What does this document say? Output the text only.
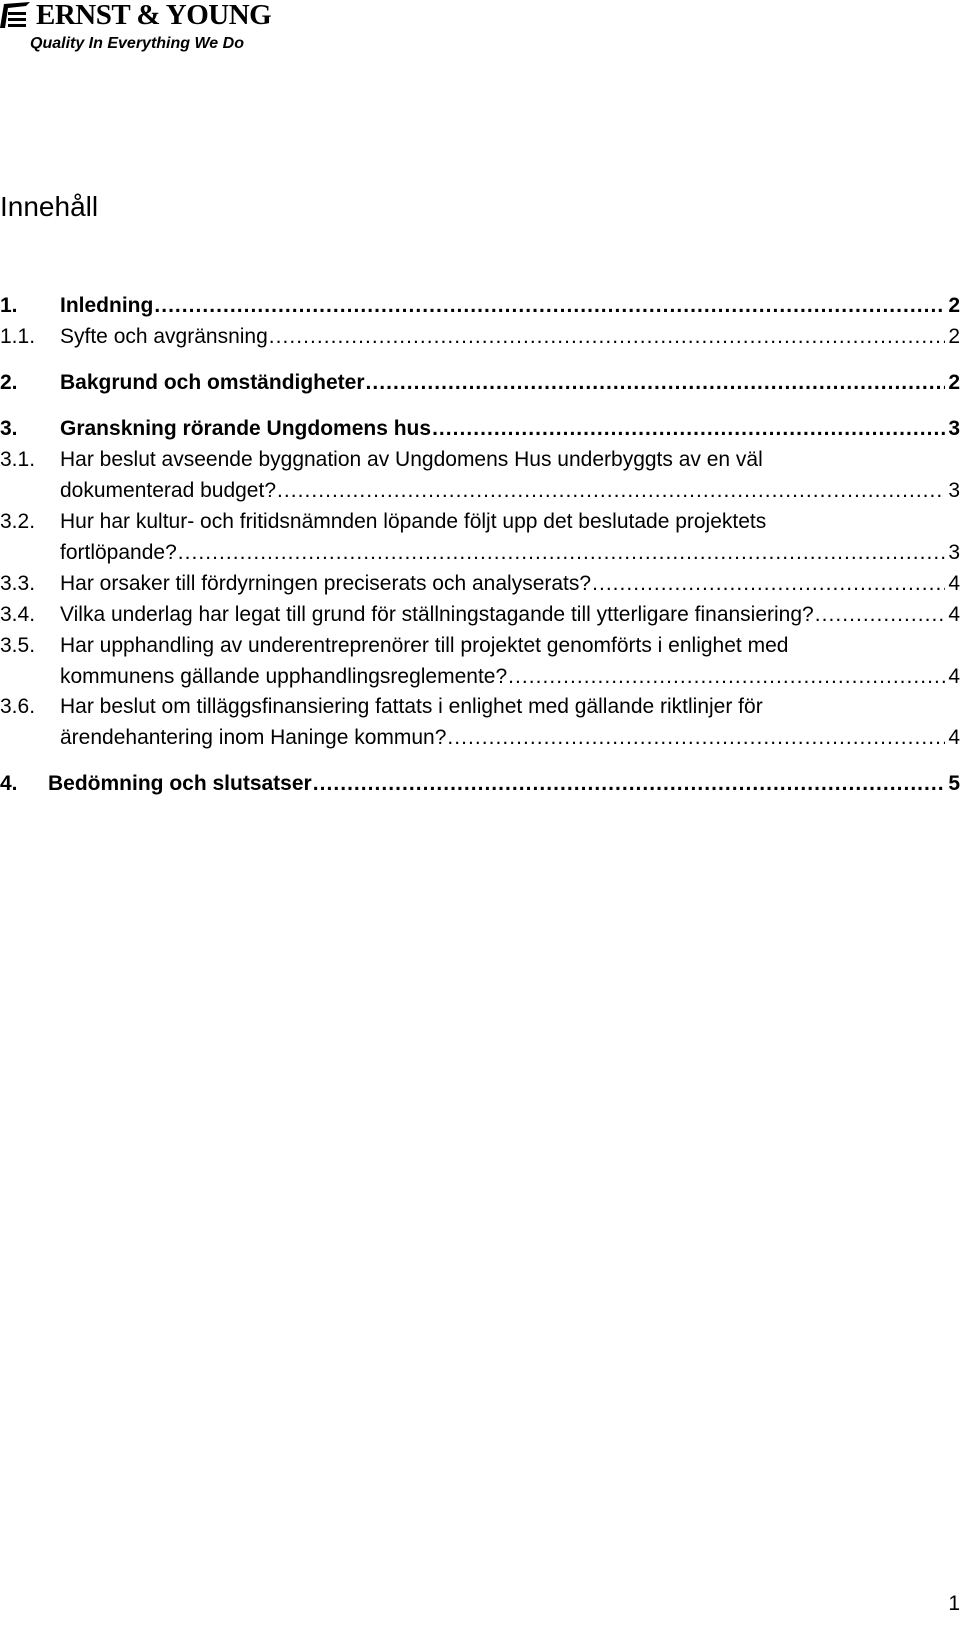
ERNST & YOUNG
Quality In Everything We Do
Innehåll
1. Inledning . . .	2
1.1. Syfte och avgränsning . . .	2
2. Bakgrund och omständigheter . . .	2
3. Granskning rörande Ungdomens hus . . .	3
3.1. Har beslut avseende byggnation av Ungdomens Hus underbyggts av en väl
dokumenterad budget? . . .	3
3.2. Hur har kultur- och fritidsnämnden löpande följt upp det beslutade projektets
fortlöpande? . . .	3
3.3. Har orsaker till fördyrningen preciserats och analyserats? . . .	4
3.4. Vilka underlag har legat till grund för ställningstagande till ytterligare finansiering? . . .	4
3.5. Har upphandling av underentreprenörer till projektet genomförts i enlighet med
kommunens gällande upphandlingsreglemente? . . .	4
3.6. Har beslut om tilläggsfinansiering fattats i enlighet med gällande riktlinjer för
ärendehantering inom Haninge kommun? . . .	4
4. Bedömning och slutsatser . . .	5
1
